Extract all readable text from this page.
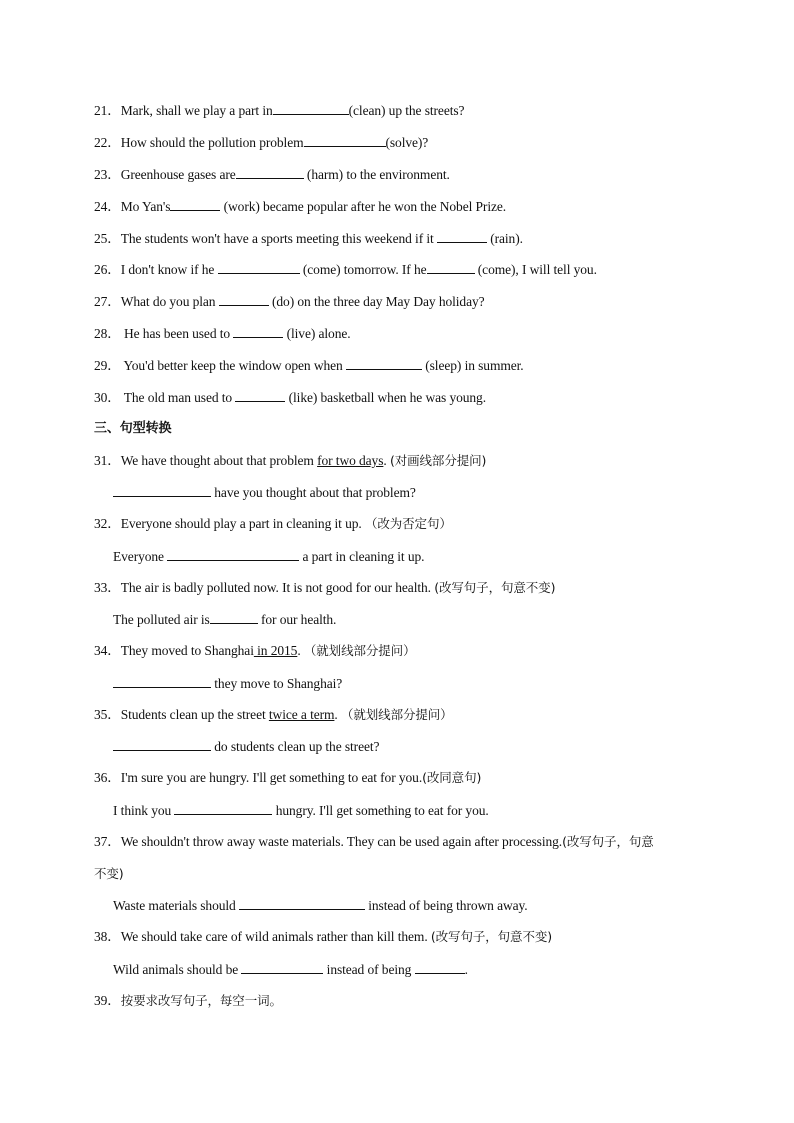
21．Mark, shall we play a part in	(clean) up the streets?
22．How should the pollution problem	(solve)?
23．Greenhouse gases are	(harm) to the environment.
24．Mo Yan's	(work) became popular after he won the Nobel Prize.
25．The students won't have a sports meeting this weekend if it	(rain).
26．I don't know if he	(come) tomorrow. If he	(come), I will tell you.
27．What do you plan	(do) on the three day May Day holiday?
28． He has been used to	(live) alone.
29． You'd better keep the window open when	(sleep) in summer.
30． The old man used to	(like) basketball when he was young.
三、句型转换
31．We have thought about that problem for two days. (对画线部分提问)
have you thought about that problem?
32．Everyone should play a part in cleaning it up. （改为否定句）
Everyone	a part in cleaning it up.
33．The air is badly polluted now. It is not good for our health. (改写句子，句意不变)
The polluted air is	for our health.
34．They moved to Shanghai in 2015. （就划线部分提问）
they move to Shanghai?
35．Students clean up the street twice a term. （就划线部分提问）
do students clean up the street?
36．I'm sure you are hungry. I'll get something to eat for you.(改同意句)
I think you	hungry. I'll get something to eat for you.
37．We shouldn't throw away waste materials. They can be used again after processing.(改写句子，句意
不变)
Waste materials should	instead of being thrown away.
38．We should take care of wild animals rather than kill them. (改写句子，句意不变)
Wild animals should be	instead of being	.
39．按要求改写句子，每空一词。
